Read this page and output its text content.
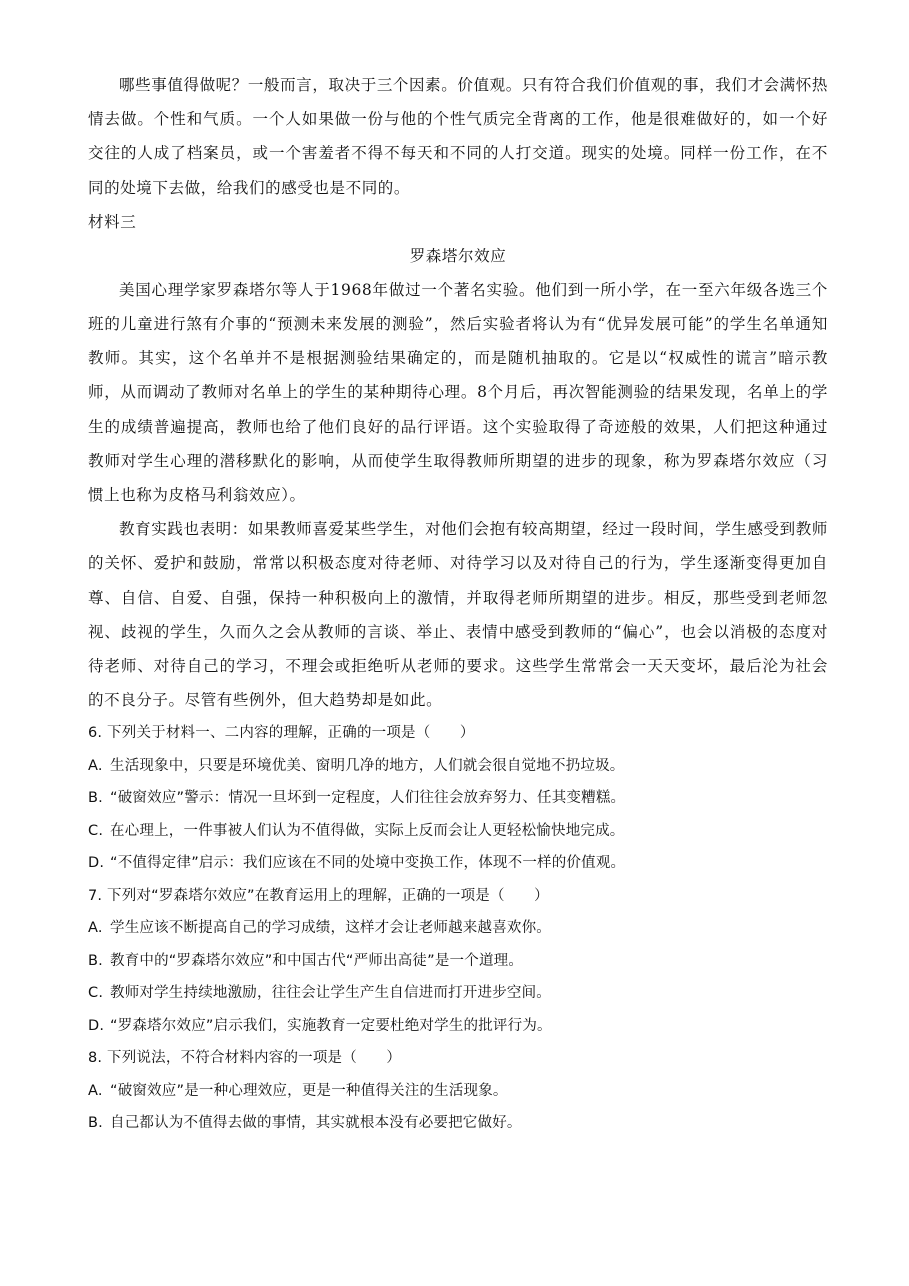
哪些事值得做呢？一般而言，取决于三个因素。价值观。只有符合我们价值观的事，我们才会满怀热情去做。个性和气质。一个人如果做一份与他的个性气质完全背离的工作，他是很难做好的，如一个好交往的人成了档案员，或一个害羞者不得不每天和不同的人打交道。现实的处境。同样一份工作，在不同的处境下去做，给我们的感受也是不同的。

材料三

罗森塔尔效应

美国心理学家罗森塔尔等人于1968年做过一个著名实验。他们到一所小学，在一至六年级各选三个班的儿童进行煞有介事的“预测未来发展的测验”，然后实验者将认为有“优异发展可能”的学生名单通知教师。其实，这个名单并不是根据测验结果确定的，而是随机抽取的。它是以“权威性的谎言”暗示教师，从而调动了教师对名单上的学生的某种期待心理。8个月后，再次智能测验的结果发现，名单上的学生的成绩普遍提高，教师也给了他们良好的品行评语。这个实验取得了奇迹般的效果，人们把这种通过教师对学生心理的潜移默化的影响，从而使学生取得教师所期望的进步的现象，称为罗森塔尔效应（习惯上也称为皮格马利翁效应）。

教育实践也表明：如果教师喜爱某些学生，对他们会抱有较高期望，经过一段时间，学生感受到教师的关怀、爱护和鼓励，常常以积极态度对待老师、对待学习以及对待自己的行为，学生逐渐变得更加自尊、自信、自爱、自强，保持一种积极向上的激情，并取得老师所期望的进步。相反，那些受到老师忽视、歧视的学生，久而久之会从教师的言谈、举止、表情中感受到教师的“偏心”，也会以消极的态度对待老师、对待自己的学习，不理会或拒绝听从老师的要求。这些学生常常会一天天变坏，最后沦为社会的不良分子。尽管有些例外，但大趋势却是如此。

6. 下列关于材料一、二内容的理解，正确的一项是（　　）

A. 生活现象中，只要是环境优美、窗明几净的地方，人们就会很自觉地不扔垃圾。

B. “破窗效应”警示：情况一旦坏到一定程度，人们往往会放弃努力、任其变糟糕。

C. 在心理上，一件事被人们认为不值得做，实际上反而会让人更轻松愉快地完成。

D. “不值得定律”启示：我们应该在不同的处境中变换工作，体现不一样的价值观。

7. 下列对“罗森塔尔效应”在教育运用上的理解，正确的一项是（　　）

A. 学生应该不断提高自己的学习成绩，这样才会让老师越来越喜欢你。

B. 教育中的“罗森塔尔效应”和中国古代“严师出高徒”是一个道理。

C. 教师对学生持续地激励，往往会让学生产生自信进而打开进步空间。

D. “罗森塔尔效应”启示我们，实施教育一定要杜绝对学生的批评行为。

8. 下列说法，不符合材料内容的一项是（　　）

A. “破窗效应”是一种心理效应，更是一种值得关注的生活现象。

B. 自己都认为不值得去做的事情，其实就根本没有必要把它做好。
